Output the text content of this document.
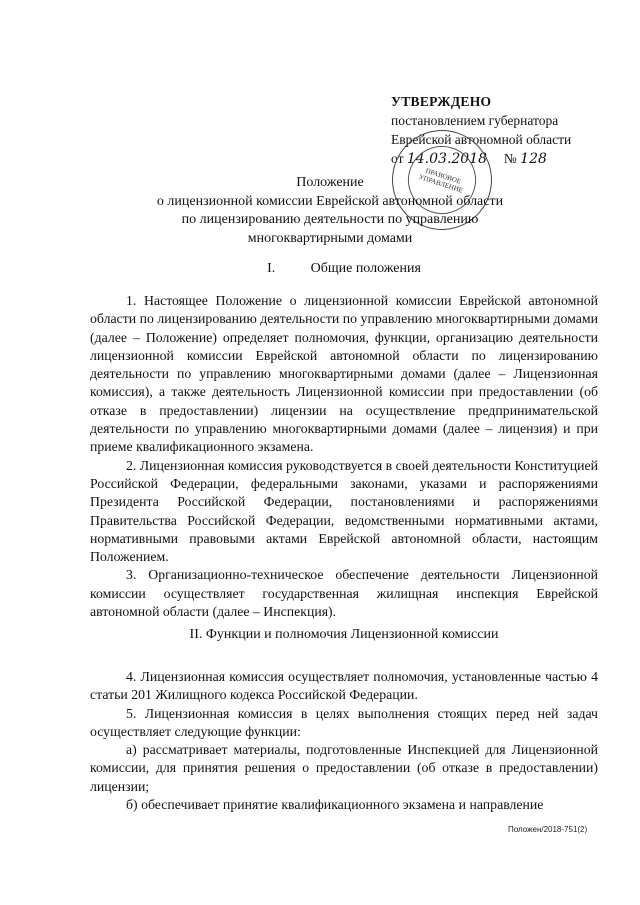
УТВЕРЖДЕНО
постановлением губернатора
Еврейской автономной области
от 14.03.2018 № 128
ПРАВОВОЕ УПРАВЛЕНИЕ
Положение
о лицензионной комиссии Еврейской автономной области
по лицензированию деятельности по управлению
многоквартирными домами
I.	Общие положения

1. Настоящее Положение о лицензионной комиссии Еврейской автономной области по лицензированию деятельности по управлению многоквартирными домами (далее – Положение) определяет полномочия, функции, организацию деятельности лицензионной комиссии Еврейской автономной области по лицензированию деятельности по управлению многоквартирными домами (далее – Лицензионная комиссия), а также деятельность Лицензионной комиссии при предоставлении (об отказе в предоставлении) лицензии на осуществление предпринимательской деятельности по управлению многоквартирными домами (далее – лицензия) и при приеме квалификационного экзамена.

2. Лицензионная комиссия руководствуется в своей деятельности Конституцией Российской Федерации, федеральными законами, указами и распоряжениями Президента Российской Федерации, постановлениями и распоряжениями Правительства Российской Федерации, ведомственными нормативными актами, нормативными правовыми актами Еврейской автономной области, настоящим Положением.

3. Организационно-техническое обеспечение деятельности Лицензионной комиссии осуществляет государственная жилищная инспекция Еврейской автономной области (далее – Инспекция).

II. Функции и полномочия Лицензионной комиссии

4. Лицензионная комиссия осуществляет полномочия, установленные частью 4 статьи 201 Жилищного кодекса Российской Федерации.

5. Лицензионная комиссия в целях выполнения стоящих перед ней задач осуществляет следующие функции:

а) рассматривает материалы, подготовленные Инспекцией для Лицензионной комиссии, для принятия решения о предоставлении (об отказе в предоставлении) лицензии;

б) обеспечивает принятие квалификационного экзамена и направление

Положен/2018-751(2)
